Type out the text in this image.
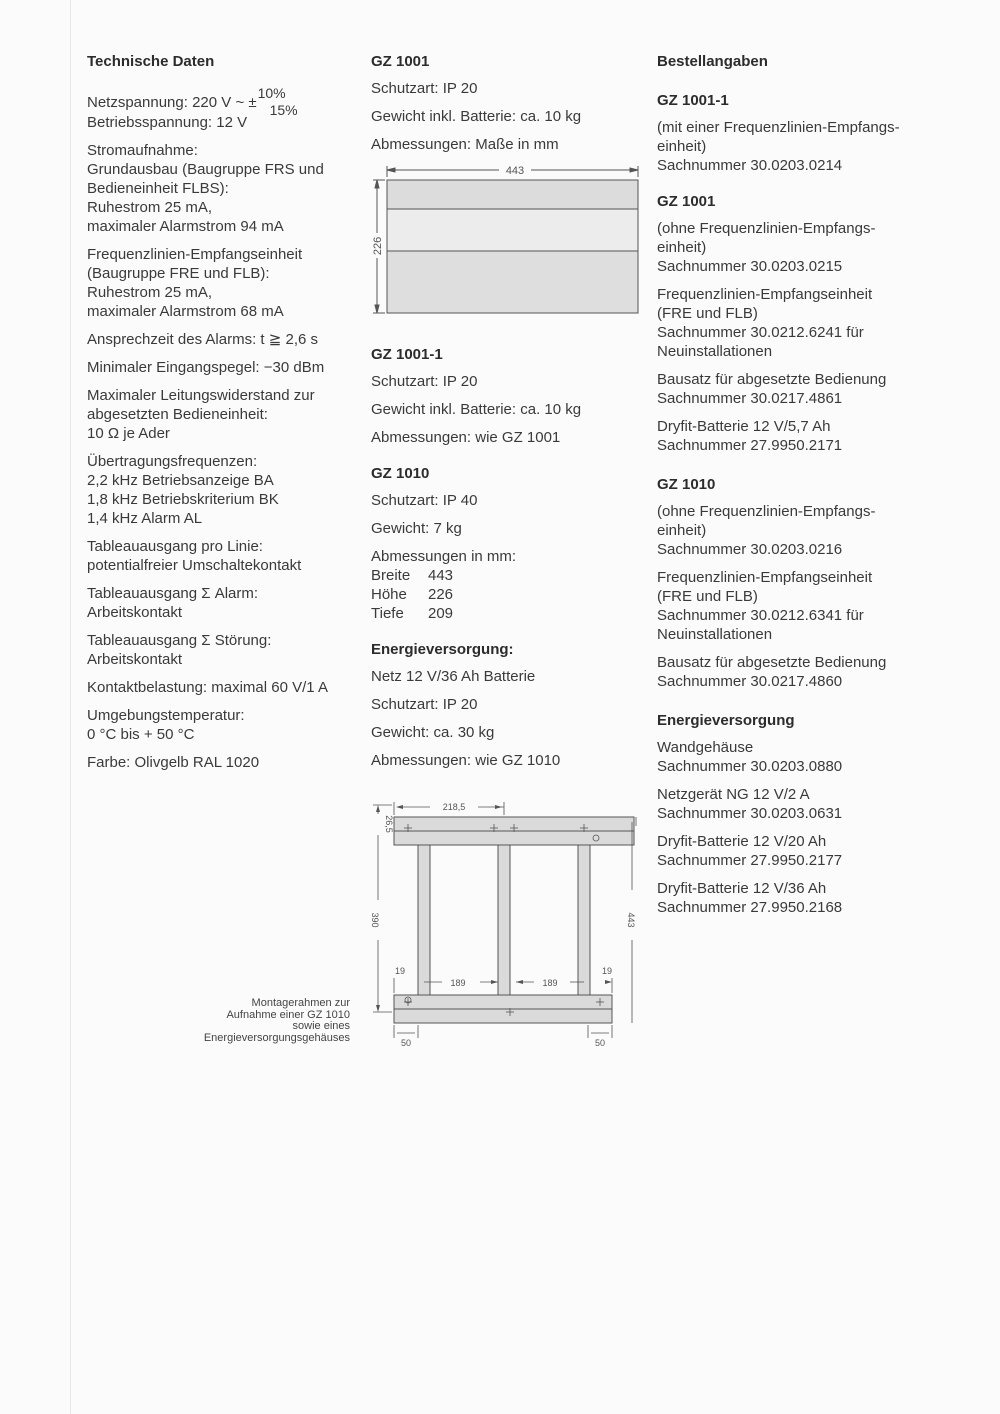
Technische Daten
Netzspannung: 220 V ~ ±
10%
15%
Betriebsspannung: 12 V
Stromaufnahme:
Grundausbau (Baugruppe FRS und
Bedieneinheit FLBS):
Ruhestrom 25 mA,
maximaler Alarmstrom 94 mA
Frequenzlinien-Empfangseinheit
(Baugruppe FRE und FLB):
Ruhestrom 25 mA,
maximaler Alarmstrom 68 mA
Ansprechzeit des Alarms: t ≧ 2,6 s
Minimaler Eingangspegel: −30 dBm
Maximaler Leitungswiderstand zur
abgesetzten Bedieneinheit:
10 Ω je Ader
Übertragungsfrequenzen:
2,2 kHz Betriebsanzeige BA
1,8 kHz Betriebskriterium BK
1,4 kHz Alarm AL
Tableauausgang pro Linie:
potentialfreier Umschaltekontakt
Tableauausgang Σ Alarm:
Arbeitskontakt
Tableauausgang Σ Störung:
Arbeitskontakt
Kontaktbelastung: maximal 60 V/1 A
Umgebungstemperatur:
0 °C bis + 50 °C
Farbe: Olivgelb RAL 1020
GZ 1001
Schutzart: IP 20
Gewicht inkl. Batterie: ca. 10 kg
Abmessungen: Maße in mm
443
226
GZ 1001-1
Schutzart: IP 20
Gewicht inkl. Batterie: ca. 10 kg
Abmessungen: wie GZ 1001
GZ 1010
Schutzart: IP 40
Gewicht: 7 kg
Abmessungen in mm:
Breite 443
Höhe 226
Tiefe 209
Energieversorgung:
Netz 12 V/36 Ah Batterie
Schutzart: IP 20
Gewicht: ca. 30 kg
Abmessungen: wie GZ 1010
218,5
26,5
390	443
19
189	189
19
50	50
Montagerahmen zur
Aufnahme einer GZ 1010
sowie eines
Energieversorgungsgehäuses
Bestellangaben
GZ 1001-1
(mit einer Frequenzlinien-Empfangs-
einheit)
Sachnummer 30.0203.0214
GZ 1001
(ohne Frequenzlinien-Empfangs-
einheit)
Sachnummer 30.0203.0215
Frequenzlinien-Empfangseinheit
(FRE und FLB)
Sachnummer 30.0212.6241 für
Neuinstallationen
Bausatz für abgesetzte Bedienung
Sachnummer 30.0217.4861
Dryfit-Batterie 12 V/5,7 Ah
Sachnummer 27.9950.2171
GZ 1010
(ohne Frequenzlinien-Empfangs-
einheit)
Sachnummer 30.0203.0216
Frequenzlinien-Empfangseinheit
(FRE und FLB)
Sachnummer 30.0212.6341 für
Neuinstallationen
Bausatz für abgesetzte Bedienung
Sachnummer 30.0217.4860
Energieversorgung
Wandgehäuse
Sachnummer 30.0203.0880
Netzgerät NG 12 V/2 A
Sachnummer 30.0203.0631
Dryfit-Batterie 12 V/20 Ah
Sachnummer 27.9950.2177
Dryfit-Batterie 12 V/36 Ah
Sachnummer 27.9950.2168
